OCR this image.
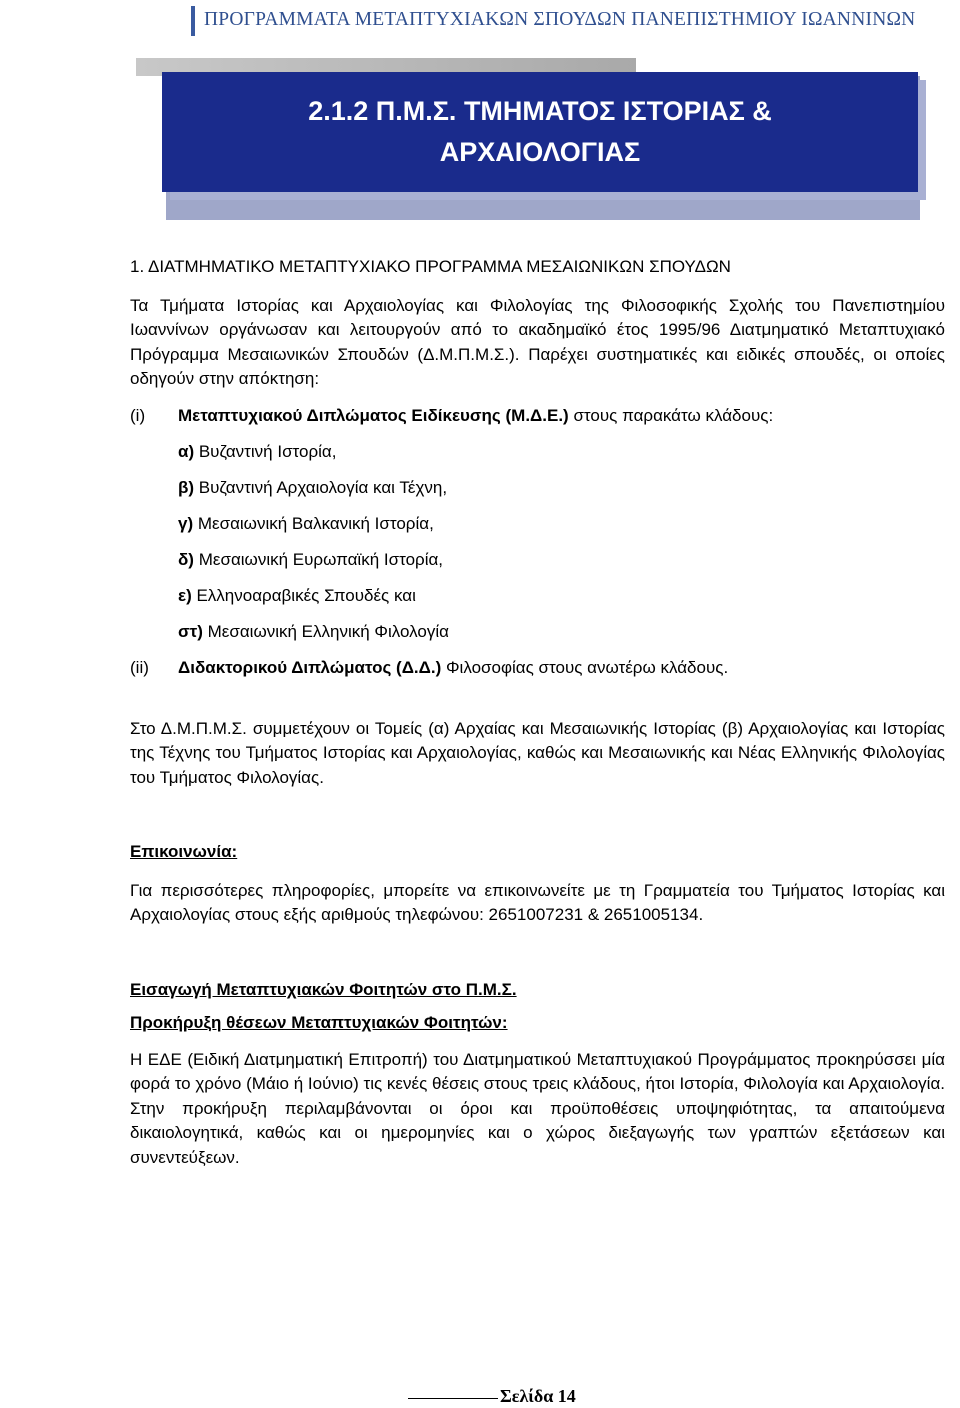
ΠΡΟΓΡΑΜΜΑΤΑ ΜΕΤΑΠΤΥΧΙΑΚΩΝ ΣΠΟΥΔΩΝ ΠΑΝΕΠΙΣΤΗΜΙΟΥ ΙΩΑΝΝΙΝΩΝ
2.1.2 Π.Μ.Σ. ΤΜΗΜΑΤΟΣ ΙΣΤΟΡΙΑΣ &
ΑΡΧΑΙΟΛΟΓΙΑΣ

1. ΔΙΑΤΜΗΜΑΤΙΚΟ ΜΕΤΑΠΤΥΧΙΑΚΟ ΠΡΟΓΡΑΜΜΑ ΜΕΣΑΙΩΝΙΚΩΝ ΣΠΟΥΔΩΝ

Τα Τμήματα Ιστορίας και Αρχαιολογίας και Φιλολογίας της Φιλοσοφικής Σχολής του Πανεπιστημίου Ιωαννίνων οργάνωσαν και λειτουργούν από το ακαδημαϊκό έτος 1995/96 Διατμηματικό Μεταπτυχιακό Πρόγραμμα Μεσαιωνικών Σπουδών (Δ.Μ.Π.Μ.Σ.). Παρέχει συστηματικές και ειδικές σπουδές, οι οποίες οδηγούν στην απόκτηση:

(i)	Μεταπτυχιακού Διπλώματος Ειδίκευσης (Μ.Δ.Ε.) στους παρακάτω κλάδους:
α) Βυζαντινή Ιστορία,
β) Βυζαντινή Αρχαιολογία και Τέχνη,
γ) Μεσαιωνική Βαλκανική Ιστορία,
δ) Μεσαιωνική Ευρωπαϊκή Ιστορία,
ε) Ελληνοαραβικές Σπουδές και
στ) Μεσαιωνική Ελληνική Φιλολογία
(ii)	Διδακτορικού Διπλώματος (Δ.Δ.) Φιλοσοφίας στους ανωτέρω κλάδους.

Στο Δ.Μ.Π.Μ.Σ. συμμετέχουν οι Τομείς (α) Αρχαίας και Μεσαιωνικής Ιστορίας (β) Αρχαιολογίας και Ιστορίας της Τέχνης του Τμήματος Ιστορίας και Αρχαιολογίας, καθώς και Μεσαιωνικής και Νέας Ελληνικής Φιλολογίας του Τμήματος Φιλολογίας.

Επικοινωνία:

Για περισσότερες πληροφορίες, μπορείτε να επικοινωνείτε με τη Γραμματεία του Τμήματος Ιστορίας και Αρχαιολογίας στους εξής αριθμούς τηλεφώνου: 2651007231 & 2651005134.

Εισαγωγή Μεταπτυχιακών Φοιτητών στο Π.Μ.Σ.

Προκήρυξη θέσεων Μεταπτυχιακών Φοιτητών:

Η ΕΔΕ (Ειδική Διατμηματική Επιτροπή) του Διατμηματικού Μεταπτυχιακού Προγράμματος προκηρύσσει μία φορά το χρόνο (Μάιο ή Ιούνιο) τις κενές θέσεις στους τρεις κλάδους, ήτοι Ιστορία, Φιλολογία και Αρχαιολογία. Στην προκήρυξη περιλαμβάνονται οι όροι και προϋποθέσεις υποψηφιότητας, τα απαιτούμενα δικαιολογητικά, καθώς και οι ημερομηνίες και ο χώρος διεξαγωγής των γραπτών εξετάσεων και συνεντεύξεων.

Σελίδα 14
